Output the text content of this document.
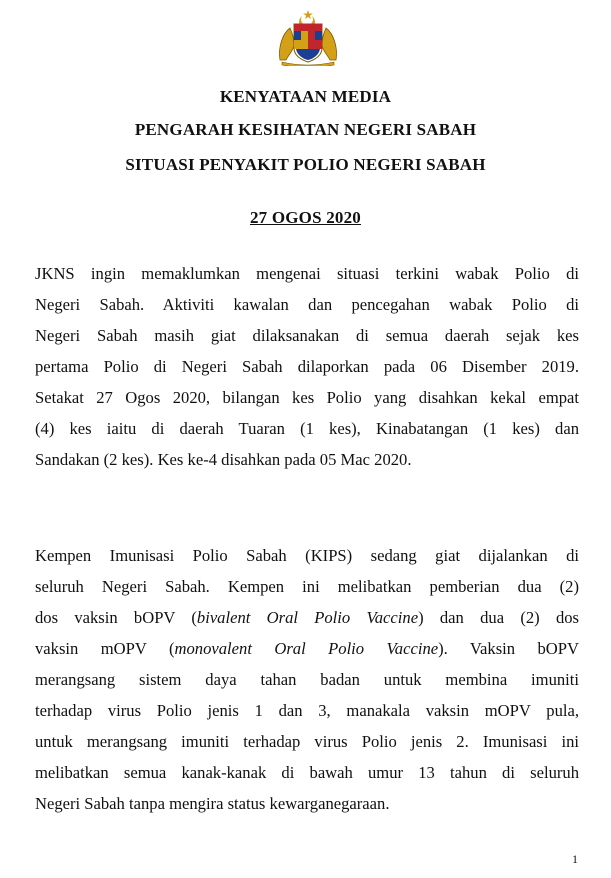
KENYATAAN MEDIA
PENGARAH KESIHATAN NEGERI SABAH
SITUASI PENYAKIT POLIO NEGERI SABAH
27 OGOS 2020
JKNS ingin memaklumkan mengenai situasi terkini wabak Polio di
Negeri Sabah. Aktiviti kawalan dan pencegahan wabak Polio di
Negeri Sabah masih giat dilaksanakan di semua daerah sejak kes
pertama Polio di Negeri Sabah dilaporkan pada 06 Disember 2019.
Setakat 27 Ogos 2020, bilangan kes Polio yang disahkan kekal empat
(4) kes iaitu di daerah Tuaran (1 kes), Kinabatangan (1 kes) dan
Sandakan (2 kes). Kes ke-4 disahkan pada 05 Mac 2020.
Kempen Imunisasi Polio Sabah (KIPS) sedang giat dijalankan di
seluruh Negeri Sabah. Kempen ini melibatkan pemberian dua (2)
dos vaksin bOPV (bivalent Oral Polio Vaccine) dan dua (2) dos
vaksin mOPV (monovalent Oral Polio Vaccine). Vaksin bOPV
merangsang sistem daya tahan badan untuk membina imuniti
terhadap virus Polio jenis 1 dan 3, manakala vaksin mOPV pula,
untuk merangsang imuniti terhadap virus Polio jenis 2. Imunisasi ini
melibatkan semua kanak-kanak di bawah umur 13 tahun di seluruh
Negeri Sabah tanpa mengira status kewarganegaraan.
1
